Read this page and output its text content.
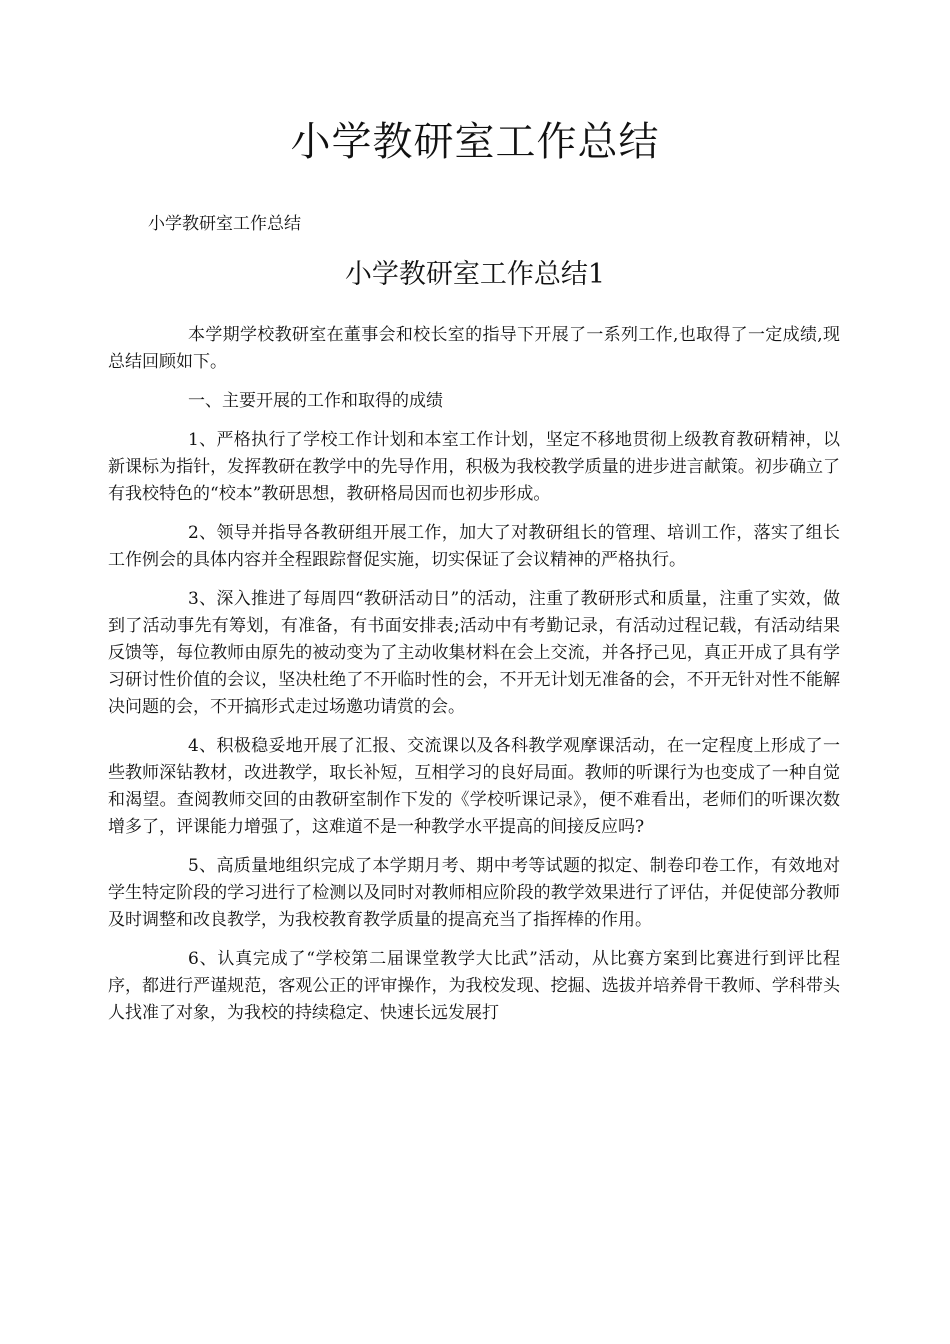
小学教研室工作总结

小学教研室工作总结

小学教研室工作总结1

本学期学校教研室在董事会和校长室的指导下开展了一系列工作,也取得了一定成绩,现总结回顾如下。

一、主要开展的工作和取得的成绩

1、严格执行了学校工作计划和本室工作计划，坚定不移地贯彻上级教育教研精神，以新课标为指针，发挥教研在教学中的先导作用，积极为我校教学质量的进步进言献策。初步确立了有我校特色的“校本”教研思想，教研格局因而也初步形成。

2、领导并指导各教研组开展工作，加大了对教研组长的管理、培训工作，落实了组长工作例会的具体内容并全程跟踪督促实施，切实保证了会议精神的严格执行。

3、深入推进了每周四“教研活动日”的活动，注重了教研形式和质量，注重了实效，做到了活动事先有筹划，有准备，有书面安排表;活动中有考勤记录，有活动过程记载，有活动结果反馈等，每位教师由原先的被动变为了主动收集材料在会上交流，并各抒己见，真正开成了具有学习研讨性价值的会议，坚决杜绝了不开临时性的会，不开无计划无准备的会，不开无针对性不能解决问题的会，不开搞形式走过场邀功请赏的会。

4、积极稳妥地开展了汇报、交流课以及各科教学观摩课活动，在一定程度上形成了一些教师深钻教材，改进教学，取长补短，互相学习的良好局面。教师的听课行为也变成了一种自觉和渴望。查阅教师交回的由教研室制作下发的《学校听课记录》，便不难看出，老师们的听课次数增多了，评课能力增强了，这难道不是一种教学水平提高的间接反应吗?

5、高质量地组织完成了本学期月考、期中考等试题的拟定、制卷印卷工作，有效地对学生特定阶段的学习进行了检测以及同时对教师相应阶段的教学效果进行了评估，并促使部分教师及时调整和改良教学，为我校教育教学质量的提高充当了指挥棒的作用。

6、认真完成了“学校第二届课堂教学大比武”活动，从比赛方案到比赛进行到评比程序，都进行严谨规范，客观公正的评审操作，为我校发现、挖掘、选拔并培养骨干教师、学科带头人找准了对象，为我校的持续稳定、快速长远发展打
